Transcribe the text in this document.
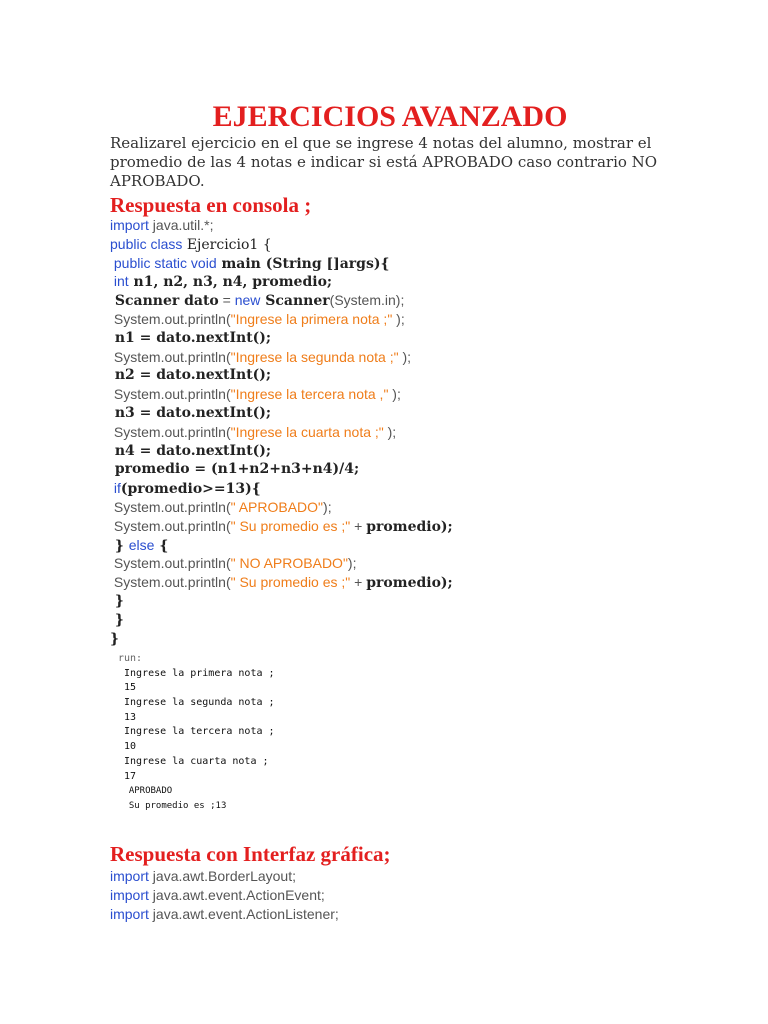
EJERCICIOS AVANZADO
Realizarel ejercicio en el que se ingrese 4 notas del alumno, mostrar el promedio de las 4 notas e indicar si está APROBADO caso contrario NO APROBADO.
Respuesta en consola ;
import java.util.*;
public class Ejercicio1 {
public static void main (String []args){
int n1, n2, n3, n4, promedio;
Scanner dato = new Scanner(System.in);
System.out.println("Ingrese la primera nota ;" );
n1 = dato.nextInt();
System.out.println("Ingrese la segunda nota ;" );
n2 = dato.nextInt();
System.out.println("Ingrese la tercera nota ," );
n3 = dato.nextInt();
System.out.println("Ingrese la cuarta nota ;" );
n4 = dato.nextInt();
promedio = (n1+n2+n3+n4)/4;
if(promedio>=13){
System.out.println(" APROBADO");
System.out.println(" Su promedio es ;" + promedio);
} else {
System.out.println(" NO APROBADO");
System.out.println(" Su promedio es ;" + promedio);
}
}
}
run:
Ingrese la primera nota ;
15
Ingrese la segunda nota ;
13
Ingrese la tercera nota ;
10
Ingrese la cuarta nota ;
17
APROBADO
Su promedio es ;13
Respuesta con Interfaz gráfica;
import java.awt.BorderLayout;
import java.awt.event.ActionEvent;
import java.awt.event.ActionListener;
